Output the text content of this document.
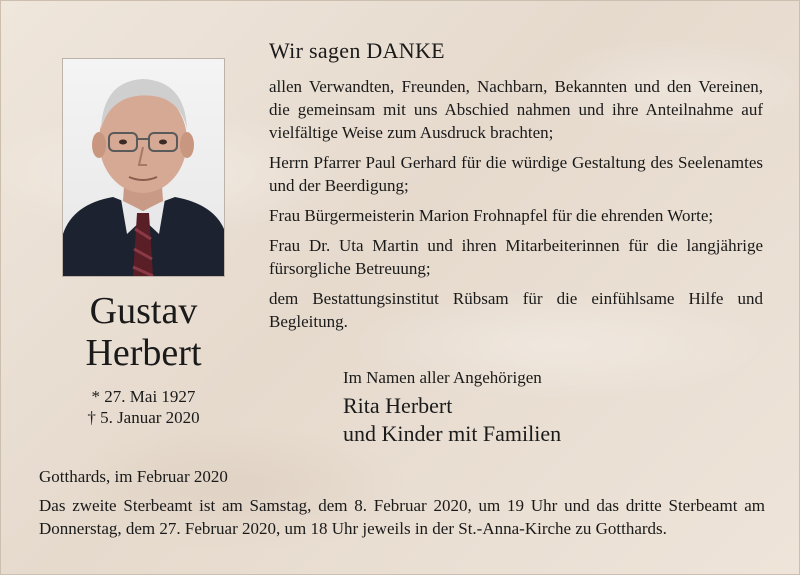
Gustav
Herbert
* 27. Mai 1927
† 5. Januar 2020
Wir sagen DANKE

allen Verwandten, Freunden, Nachbarn, Bekannten und den Vereinen, die gemeinsam mit uns Abschied nahmen und ihre Anteilnahme auf vielfältige Weise zum Ausdruck brachten;

Herrn Pfarrer Paul Gerhard für die würdige Gestaltung des Seelenamtes und der Beerdigung;

Frau Bürgermeisterin Marion Frohnapfel für die ehrenden Worte;

Frau Dr. Uta Martin und ihren Mitarbeiterinnen für die langjährige fürsorgliche Betreuung;

dem Bestattungsinstitut Rübsam für die einfühlsame Hilfe und Begleitung.

Im Namen aller Angehörigen
Rita Herbert
und Kinder mit Familien
Gotthards, im Februar 2020

Das zweite Sterbeamt ist am Samstag, dem 8. Februar 2020, um 19 Uhr und das dritte Sterbeamt am Donnerstag, dem 27. Februar 2020, um 18 Uhr jeweils in der St.-Anna-Kirche zu Gotthards.
